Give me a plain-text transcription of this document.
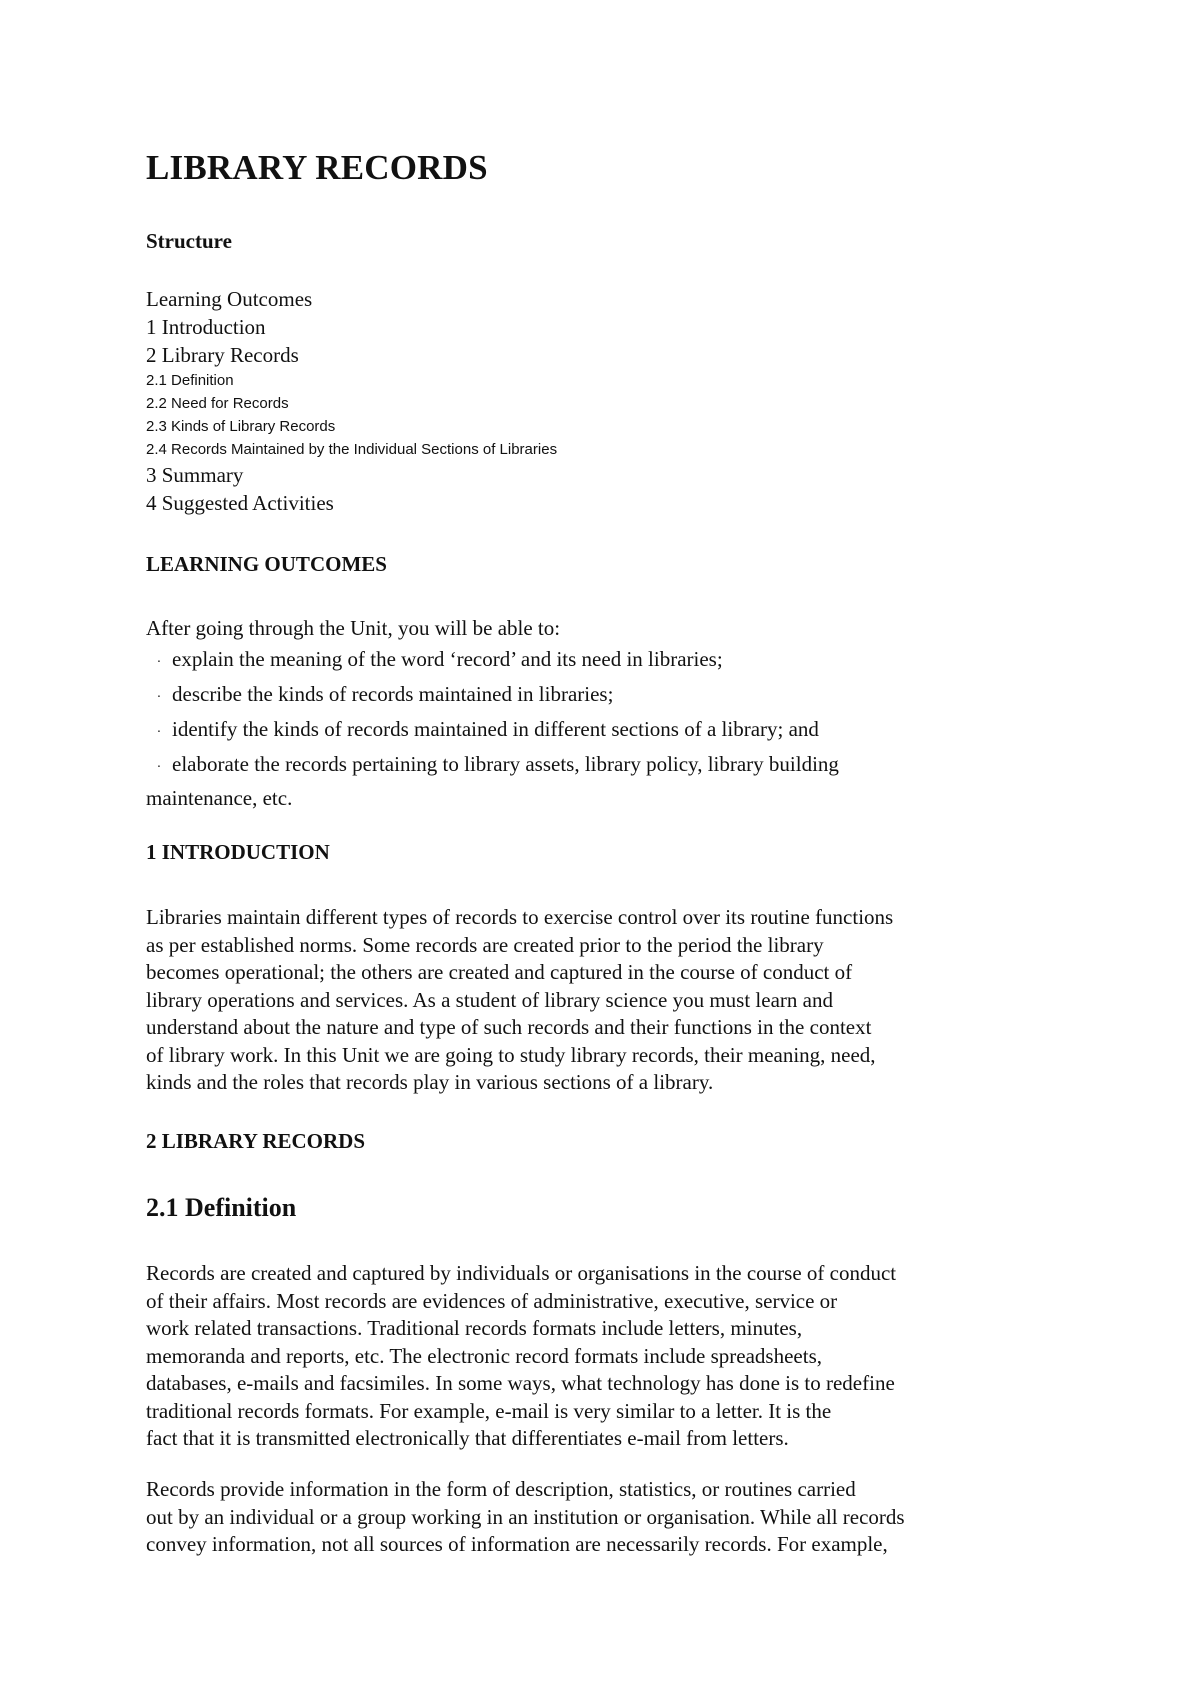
LIBRARY RECORDS
Structure
Learning Outcomes
1 Introduction
2 Library Records
2.1 Definition
2.2 Need for Records
2.3 Kinds of Library Records
2.4 Records Maintained by the Individual Sections of Libraries
3 Summary
4 Suggested Activities
LEARNING OUTCOMES

After going through the Unit, you will be able to:

· explain the meaning of the word ‘record’ and its need in libraries;
· describe the kinds of records maintained in libraries;
· identify the kinds of records maintained in different sections of a library; and
· elaborate the records pertaining to library assets, library policy, library building

maintenance, etc.

1 INTRODUCTION

Libraries maintain different types of records to exercise control over its routine functions
as per established norms. Some records are created prior to the period the library
becomes operational; the others are created and captured in the course of conduct of
library operations and services. As a student of library science you must learn and
understand about the nature and type of such records and their functions in the context
of library work. In this Unit we are going to study library records, their meaning, need,
kinds and the roles that records play in various sections of a library.

2 LIBRARY RECORDS
2.1 Definition

Records are created and captured by individuals or organisations in the course of conduct
of their affairs. Most records are evidences of administrative, executive, service or
work related transactions. Traditional records formats include letters, minutes,
memoranda and reports, etc. The electronic record formats include spreadsheets,
databases, e-mails and facsimiles. In some ways, what technology has done is to redefine
traditional records formats. For example, e-mail is very similar to a letter. It is the
fact that it is transmitted electronically that differentiates e-mail from letters.

Records provide information in the form of description, statistics, or routines carried
out by an individual or a group working in an institution or organisation. While all records
convey information, not all sources of information are necessarily records. For example,
